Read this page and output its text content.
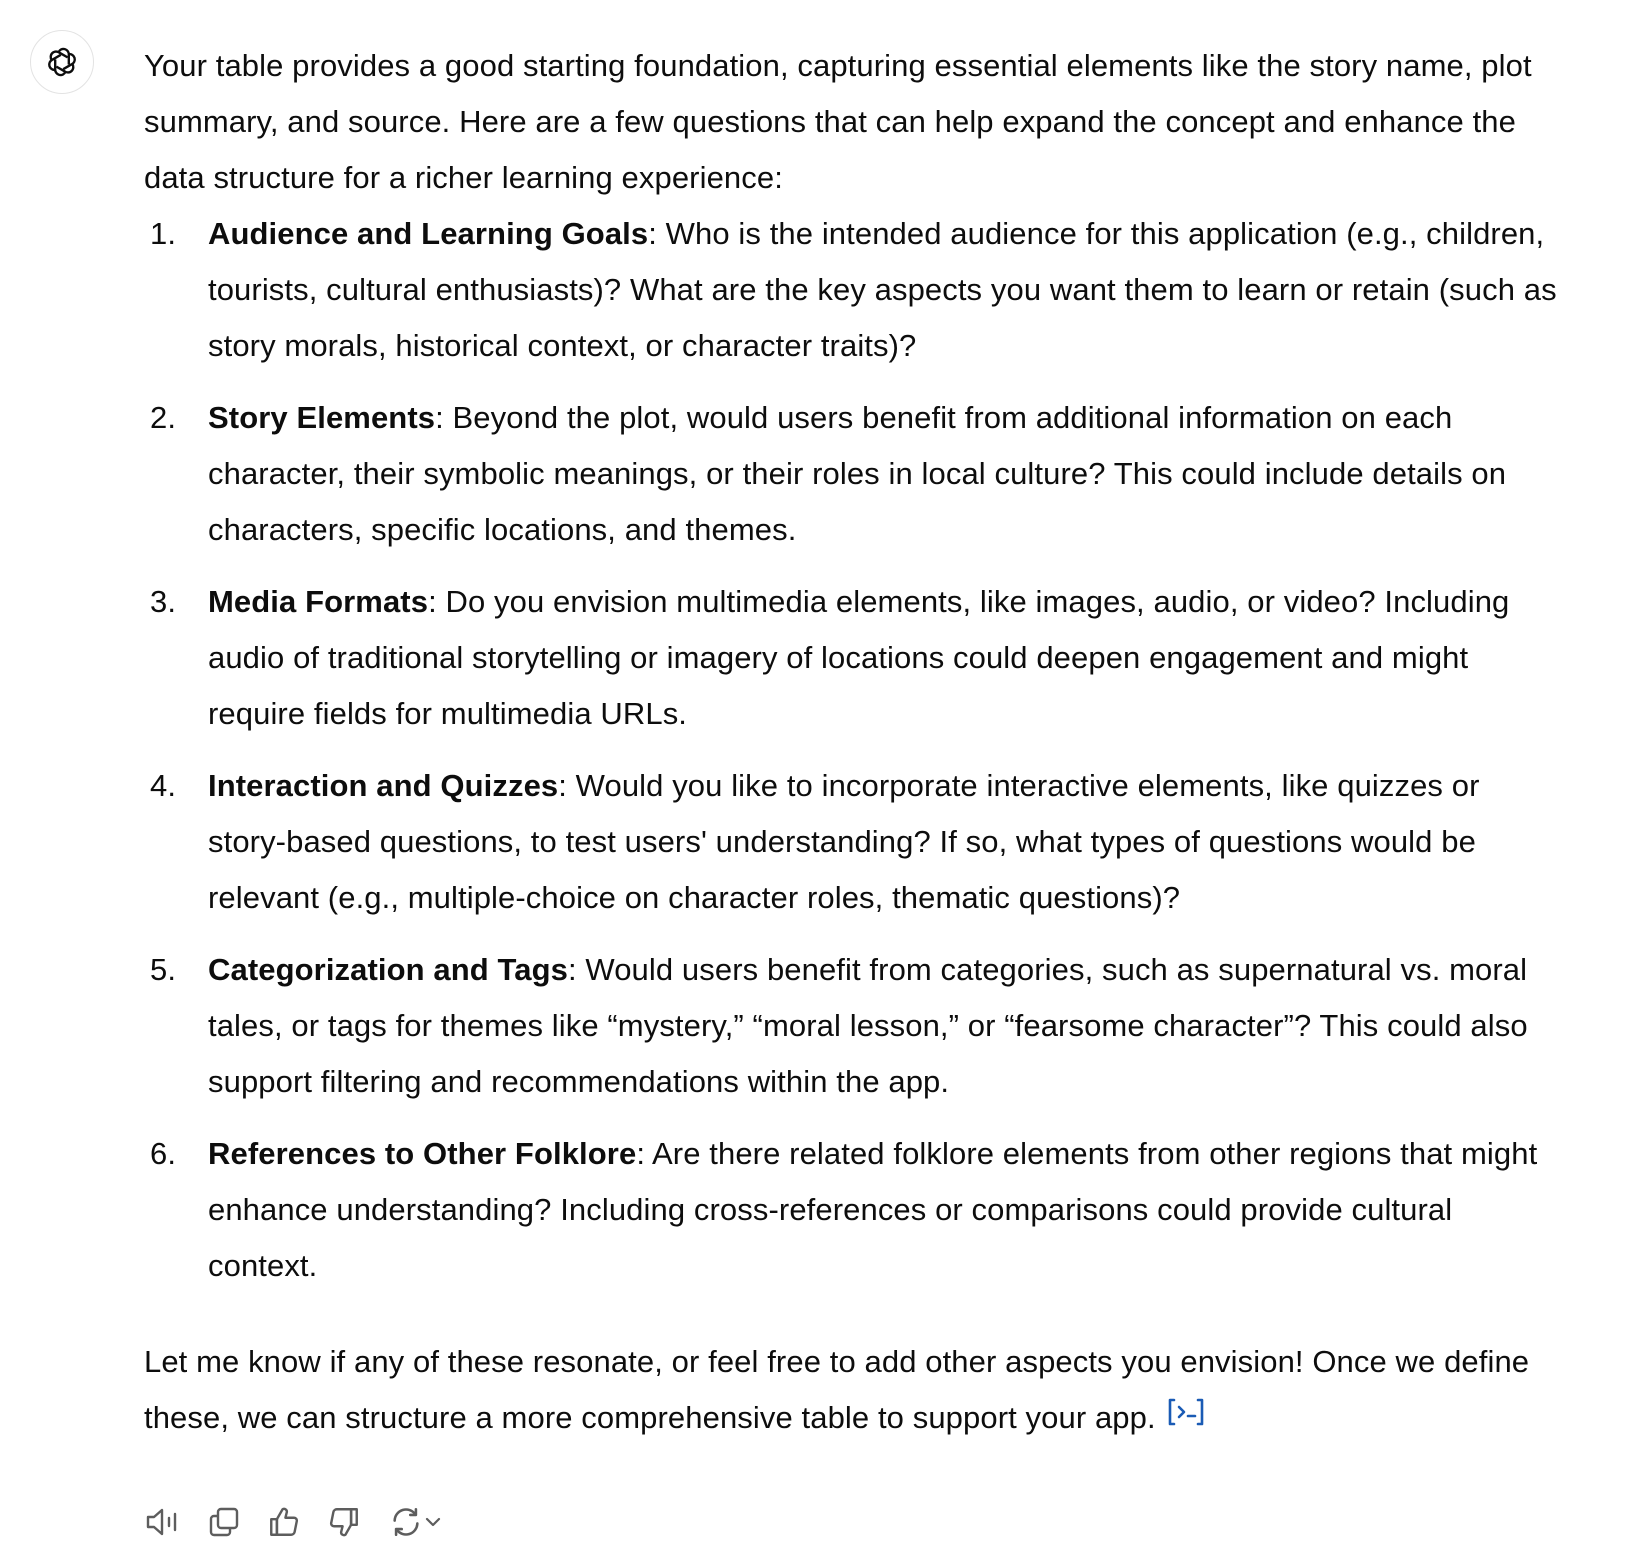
Your table provides a good starting foundation, capturing essential elements like the story name, plot summary, and source. Here are a few questions that can help expand the concept and enhance the data structure for a richer learning experience:

1. Audience and Learning Goals: Who is the intended audience for this application (e.g., children, tourists, cultural enthusiasts)? What are the key aspects you want them to learn or retain (such as story morals, historical context, or character traits)?
2. Story Elements: Beyond the plot, would users benefit from additional information on each character, their symbolic meanings, or their roles in local culture? This could include details on characters, specific locations, and themes.
3. Media Formats: Do you envision multimedia elements, like images, audio, or video? Including audio of traditional storytelling or imagery of locations could deepen engagement and might require fields for multimedia URLs.
4. Interaction and Quizzes: Would you like to incorporate interactive elements, like quizzes or story-based questions, to test users' understanding? If so, what types of questions would be relevant (e.g., multiple-choice on character roles, thematic questions)?
5. Categorization and Tags: Would users benefit from categories, such as supernatural vs. moral tales, or tags for themes like “mystery,” “moral lesson,” or “fearsome character”? This could also support filtering and recommendations within the app.
6. References to Other Folklore: Are there related folklore elements from other regions that might enhance understanding? Including cross-references or comparisons could provide cultural context.

Let me know if any of these resonate, or feel free to add other aspects you envision! Once we define these, we can structure a more comprehensive table to support your app.
